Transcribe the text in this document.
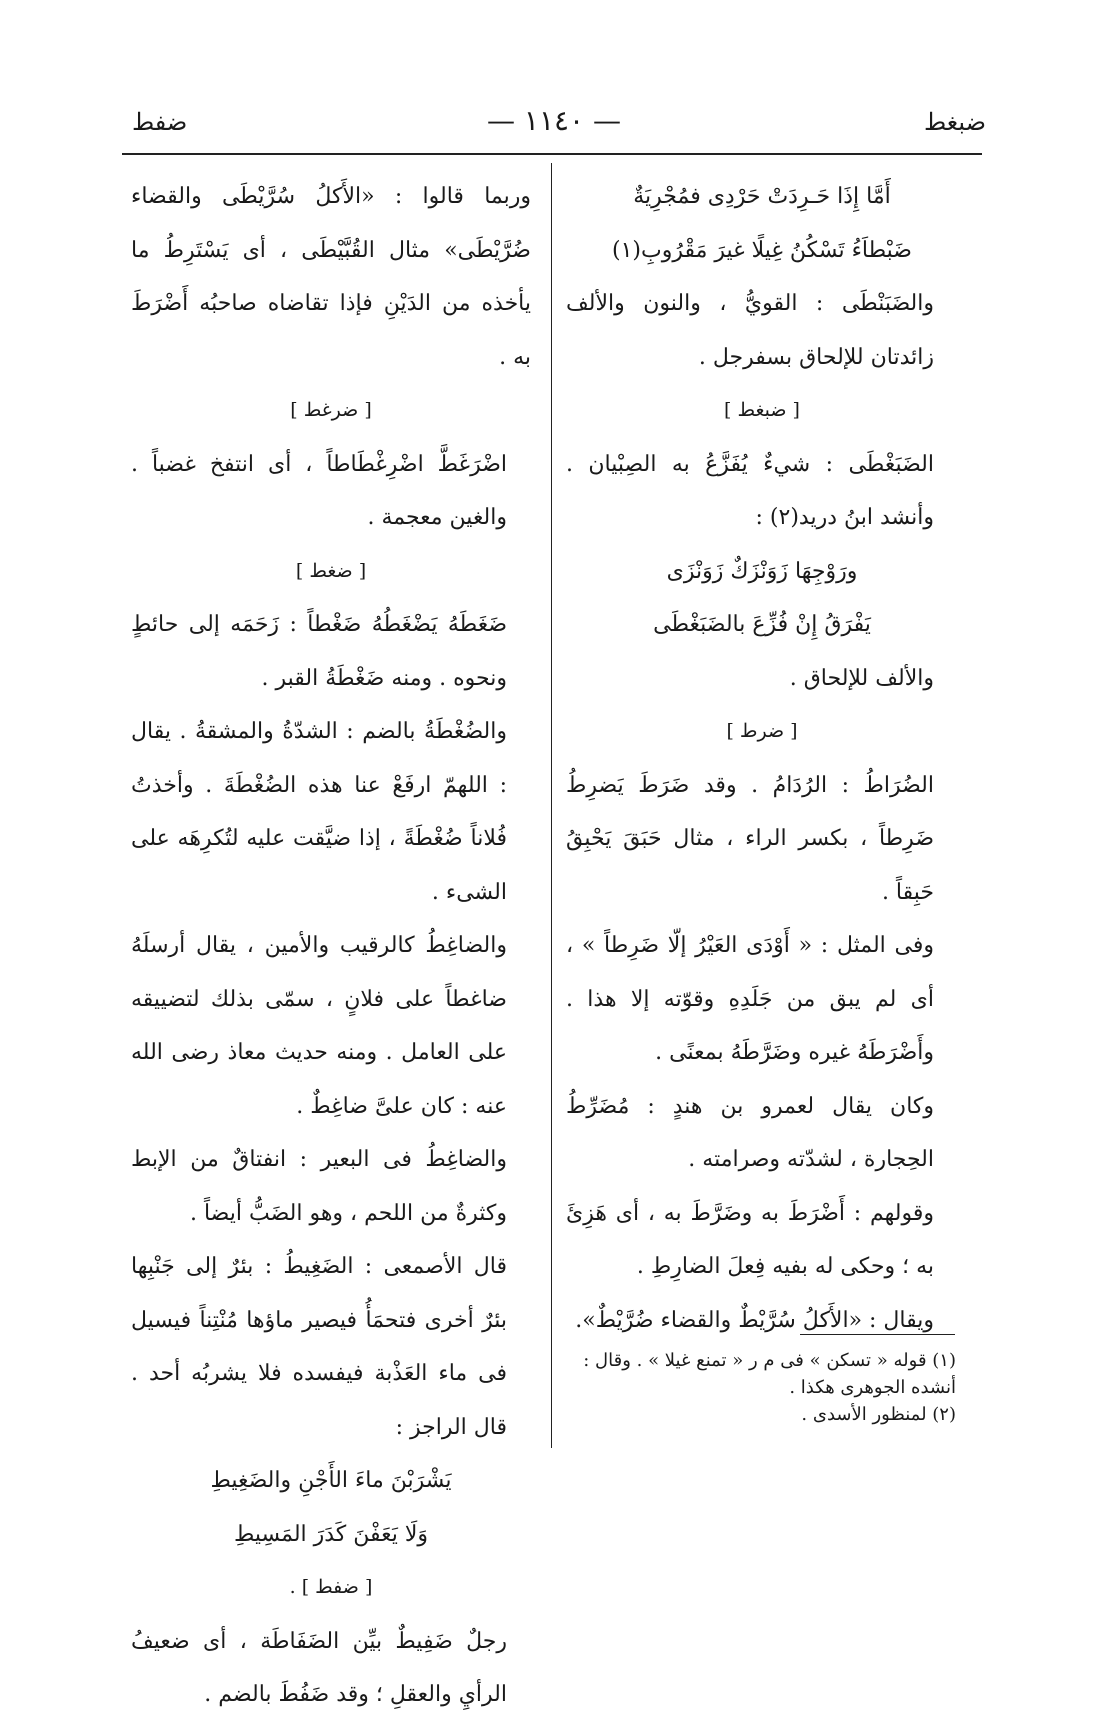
ضبغط
— ١١٤٠ —
ضفط

أَمَّا إِذَا حَـرِدَتْ حَرْدِى فمُجْرِيَةٌ

ضَبْطاَءُ تَسْكُنُ غِيلًا غيرَ مَقْرُوبِ(١)

والضَبَنْطَى : القويُّ ، والنون والألف زائدتان للإلحاق بسفرجل .

[ ضبغط ]

الضَبَغْطَى : شيءٌ يُفَزَّعُ به الصِبْيان . وأنشد ابنُ دريد(٢) :

ورَوْجِهَا زَوَنْزَكٌ زَوَنْزَى

يَفْرَقُ إِنْ فُزِّعَ بالضَبَغْطَى

والألف للإلحاق .

[ ضرط ]

الضُرَاطُ : الرُدَامُ . وقد ضَرَطَ يَضرِطُ ضَرِطاً ، بكسر الراء ، مثال حَبَقَ يَحْبِقُ حَبِقاً .

وفى المثل : « أَوْدَى العَيْرُ إلّا ضَرِطاً » ، أى لم يبق من جَلَدِهِ وقوّته إلا هذا . وأَضْرَطَهُ غيره وضَرَّطَهُ بمعنًى .

وكان يقال لعمرو بن هندٍ : مُضَرِّطُ الحِجارة ، لشدّته وصرامته .

وقولهم : أَضْرَطَ به وضَرَّطَ به ، أى هَزِئَ به ؛ وحكى له بفيه فِعلَ الضارِطِ .

ويقال : «الأَكلُ سُرَّيْطٌ والقضاء ضُرَّيْطٌ».

وربما قالوا : «الأَكلُ سُرَّيْطَى والقضاء ضُرَّيْطَى» مثال القُبَّيْطَى ، أى يَسْتَرِطُ ما يأخذه من الدَيْنِ فإذا تقاضاه صاحبُه أَضْرَطَ به .

[ ضرغط ]

اضْرَغَطَّ اضْرِغْطَاطاً ، أى انتفخ غضباً . والغين معجمة .

[ ضغط ]

ضَغَطَهُ يَضْغَطُهُ ضَغْطاً : زَحَمَه إلى حائطٍ ونحوه . ومنه ضَغْطَةُ القبر .

والضُغْطَةُ بالضم : الشدّةُ والمشقةُ . يقال : اللهمّ ارفَعْ عنا هذه الضُغْطَةَ . وأخذتُ فُلاناً ضُغْطَةً ، إذا ضيَّقت عليه لتُكرِهَه على الشىء .

والضاغِطُ كالرقيب والأمين ، يقال أرسلَهُ ضاغطاً على فلانٍ ، سمّى بذلك لتضييقه على العامل . ومنه حديث معاذ رضى الله عنه : كان علىَّ ضاغِطٌ .

والضاغِطُ فى البعير : انفتاقٌ من الإبط وكثرةٌ من اللحم ، وهو الضَبُّ أيضاً .

قال الأصمعى : الضَغِيطُ : بئرٌ إلى جَنْبِها بئرٌ أخرى فتحمَأُ فيصير ماؤها مُنْتِناً فيسيل فى ماء العَذْبة فيفسده فلا يشربُه أحد . قال الراجز :

يَشْرَبْنَ ماءَ الأَجْنِ والضَغِيطِ

وَلَا يَعَفْنَ كَدَرَ المَسِيطِ

[ ضفط ] .

رجلٌ ضَفِيطٌ بيِّن الضَفَاطَة ، أى ضعيفُ الرأيِ والعقلِ ؛ وقد ضَفُطَ بالضم .

(١) قوله « تسكن » فى م ر « تمنع غيلا » . وقال : أنشده الجوهرى هكذا .

(٢) لمنظور الأسدى .
